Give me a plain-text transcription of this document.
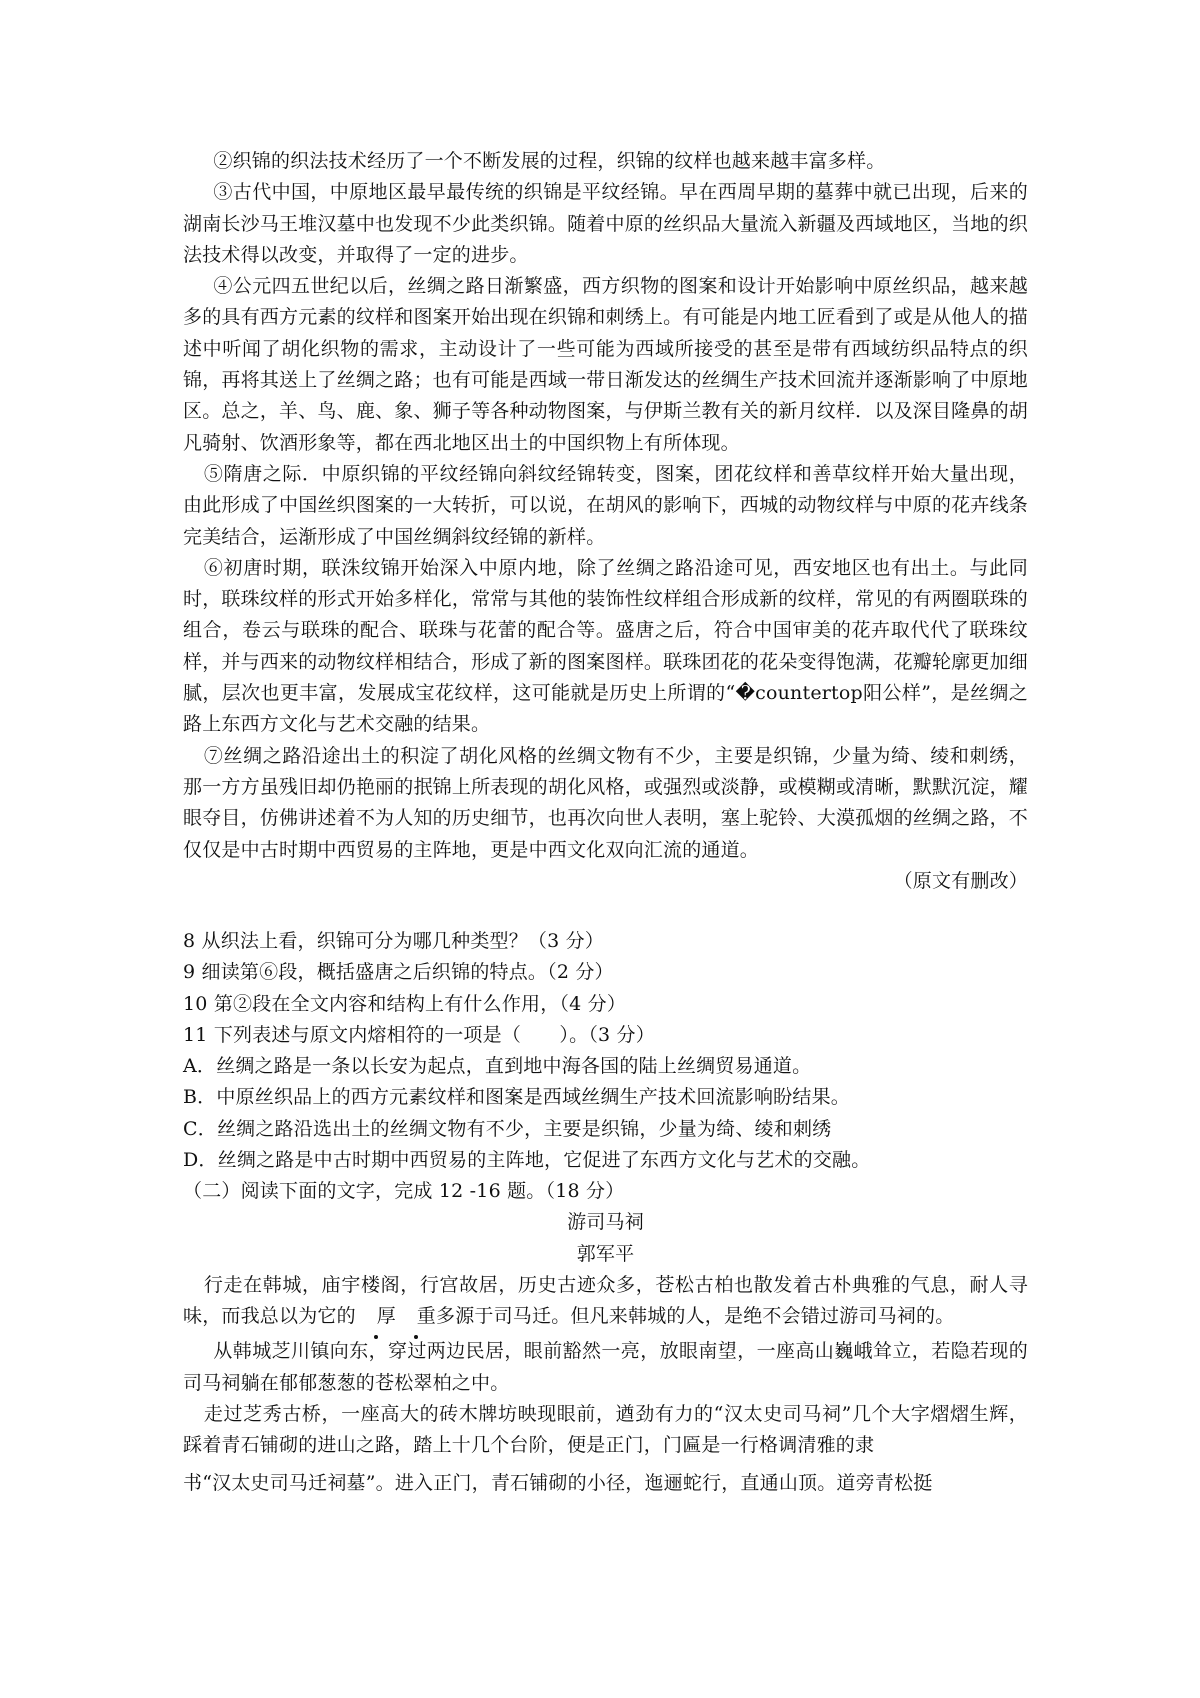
②织锦的织法技术经历了一个不断发展的过程，织锦的纹样也越来越丰富多样。

③古代中国，中原地区最早最传统的织锦是平纹经锦。早在西周早期的墓葬中就已出现，后来的湖南长沙马王堆汉墓中也发现不少此类织锦。随着中原的丝织品大量流入新疆及西域地区，当地的织法技术得以改变，并取得了一定的进步。

④公元四五世纪以后，丝绸之路日渐繁盛，西方织物的图案和设计开始影响中原丝织品，越来越多的具有西方元素的纹样和图案开始出现在织锦和刺绣上。有可能是内地工匠看到了或是从他人的描述中听闻了胡化织物的需求，主动设计了一些可能为西域所接受的甚至是带有西域纺织品特点的织锦，再将其送上了丝绸之路；也有可能是西域一带日渐发达的丝绸生产技术回流并逐渐影响了中原地区。总之，羊、鸟、鹿、象、狮子等各种动物图案，与伊斯兰教有关的新月纹样．以及深目隆鼻的胡凡骑射、饮酒形象等，都在西北地区出土的中国织物上有所体现。

⑤隋唐之际．中原织锦的平纹经锦向斜纹经锦转变，图案，团花纹样和善草纹样开始大量出现，由此形成了中国丝织图案的一大转折，可以说，在胡风的影响下，西城的动物纹样与中原的花卉线条完美结合，运渐形成了中国丝绸斜纹经锦的新样。

⑥初唐时期，联洙纹锦开始深入中原内地，除了丝绸之路沿途可见，西安地区也有出土。与此同时，联珠纹样的形式开始多样化，常常与其他的装饰性纹样组合形成新的纹样，常见的有两圈联珠的组合，卷云与联珠的配合、联珠与花蕾的配合等。盛唐之后，符合中国审美的花卉取代代了联珠纹样，并与西来的动物纹样相结合，形成了新的图案图样。联珠团花的花朵变得饱满，花瓣轮廓更加细腻，层次也更丰富，发展成宝花纹样，这可能就是历史上所谓的“�countertop阳公样”，是丝绸之路上东西方文化与艺术交融的结果。

⑦丝绸之路沿途出土的积淀了胡化风格的丝绸文物有不少，主要是织锦，少量为绮、绫和刺绣，那一方方虽残旧却仍艳丽的抿锦上所表现的胡化风格，或强烈或淡静，或模糊或清晰，默默沉淀，耀眼夺目，仿佛讲述着不为人知的历史细节，也再次向世人表明，塞上驼铃、大漠孤烟的丝绸之路，不仅仅是中古时期中西贸易的主阵地，更是中西文化双向汇流的通道。

（原文有删改）

8 从织法上看，织锦可分为哪几种类型？（3 分）

9 细读第⑥段，概括盛唐之后织锦的特点。（2 分）

10 第②段在全文内容和结构上有什么作用，（4 分）

11 下列表述与原文内熔相符的一项是（　　）。（3 分）

A．丝绸之路是一条以长安为起点，直到地中海各国的陆上丝绸贸易通道。

B．中原丝织品上的西方元素纹样和图案是西域丝绸生产技术回流影响盼结果。

C．丝绸之路沿选出土的丝绸文物有不少，主要是织锦，少量为绮、绫和刺绣

D．丝绸之路是中古时期中西贸易的主阵地，它促进了东西方文化与艺术的交融。

（二）阅读下面的文字，完成 12 -16 题。（18 分）

游司马祠

郭军平

行走在韩城，庙宇楼阁，行宫故居，历史古迹众多，苍松古柏也散发着古朴典雅的气息，耐人寻味，而我总以为它的 厚 重多源于司马迁。但凡来韩城的人，是绝不会错过游司马祠的。

从韩城芝川镇向东，穿过两边民居，眼前豁然一亮，放眼南望，一座高山巍峨耸立，若隐若现的司马祠躺在郁郁葱葱的苍松翠柏之中。

走过芝秀古桥，一座高大的砖木牌坊映现眼前，遒劲有力的“汉太史司马祠”几个大字熠熠生辉，踩着青石铺砌的进山之路，踏上十几个台阶，便是正门，门匾是一行格调清雅的隶

书“汉太史司马迁祠墓”。进入正门，青石铺砌的小径，迤逦蛇行，直通山顶。道旁青松挺
